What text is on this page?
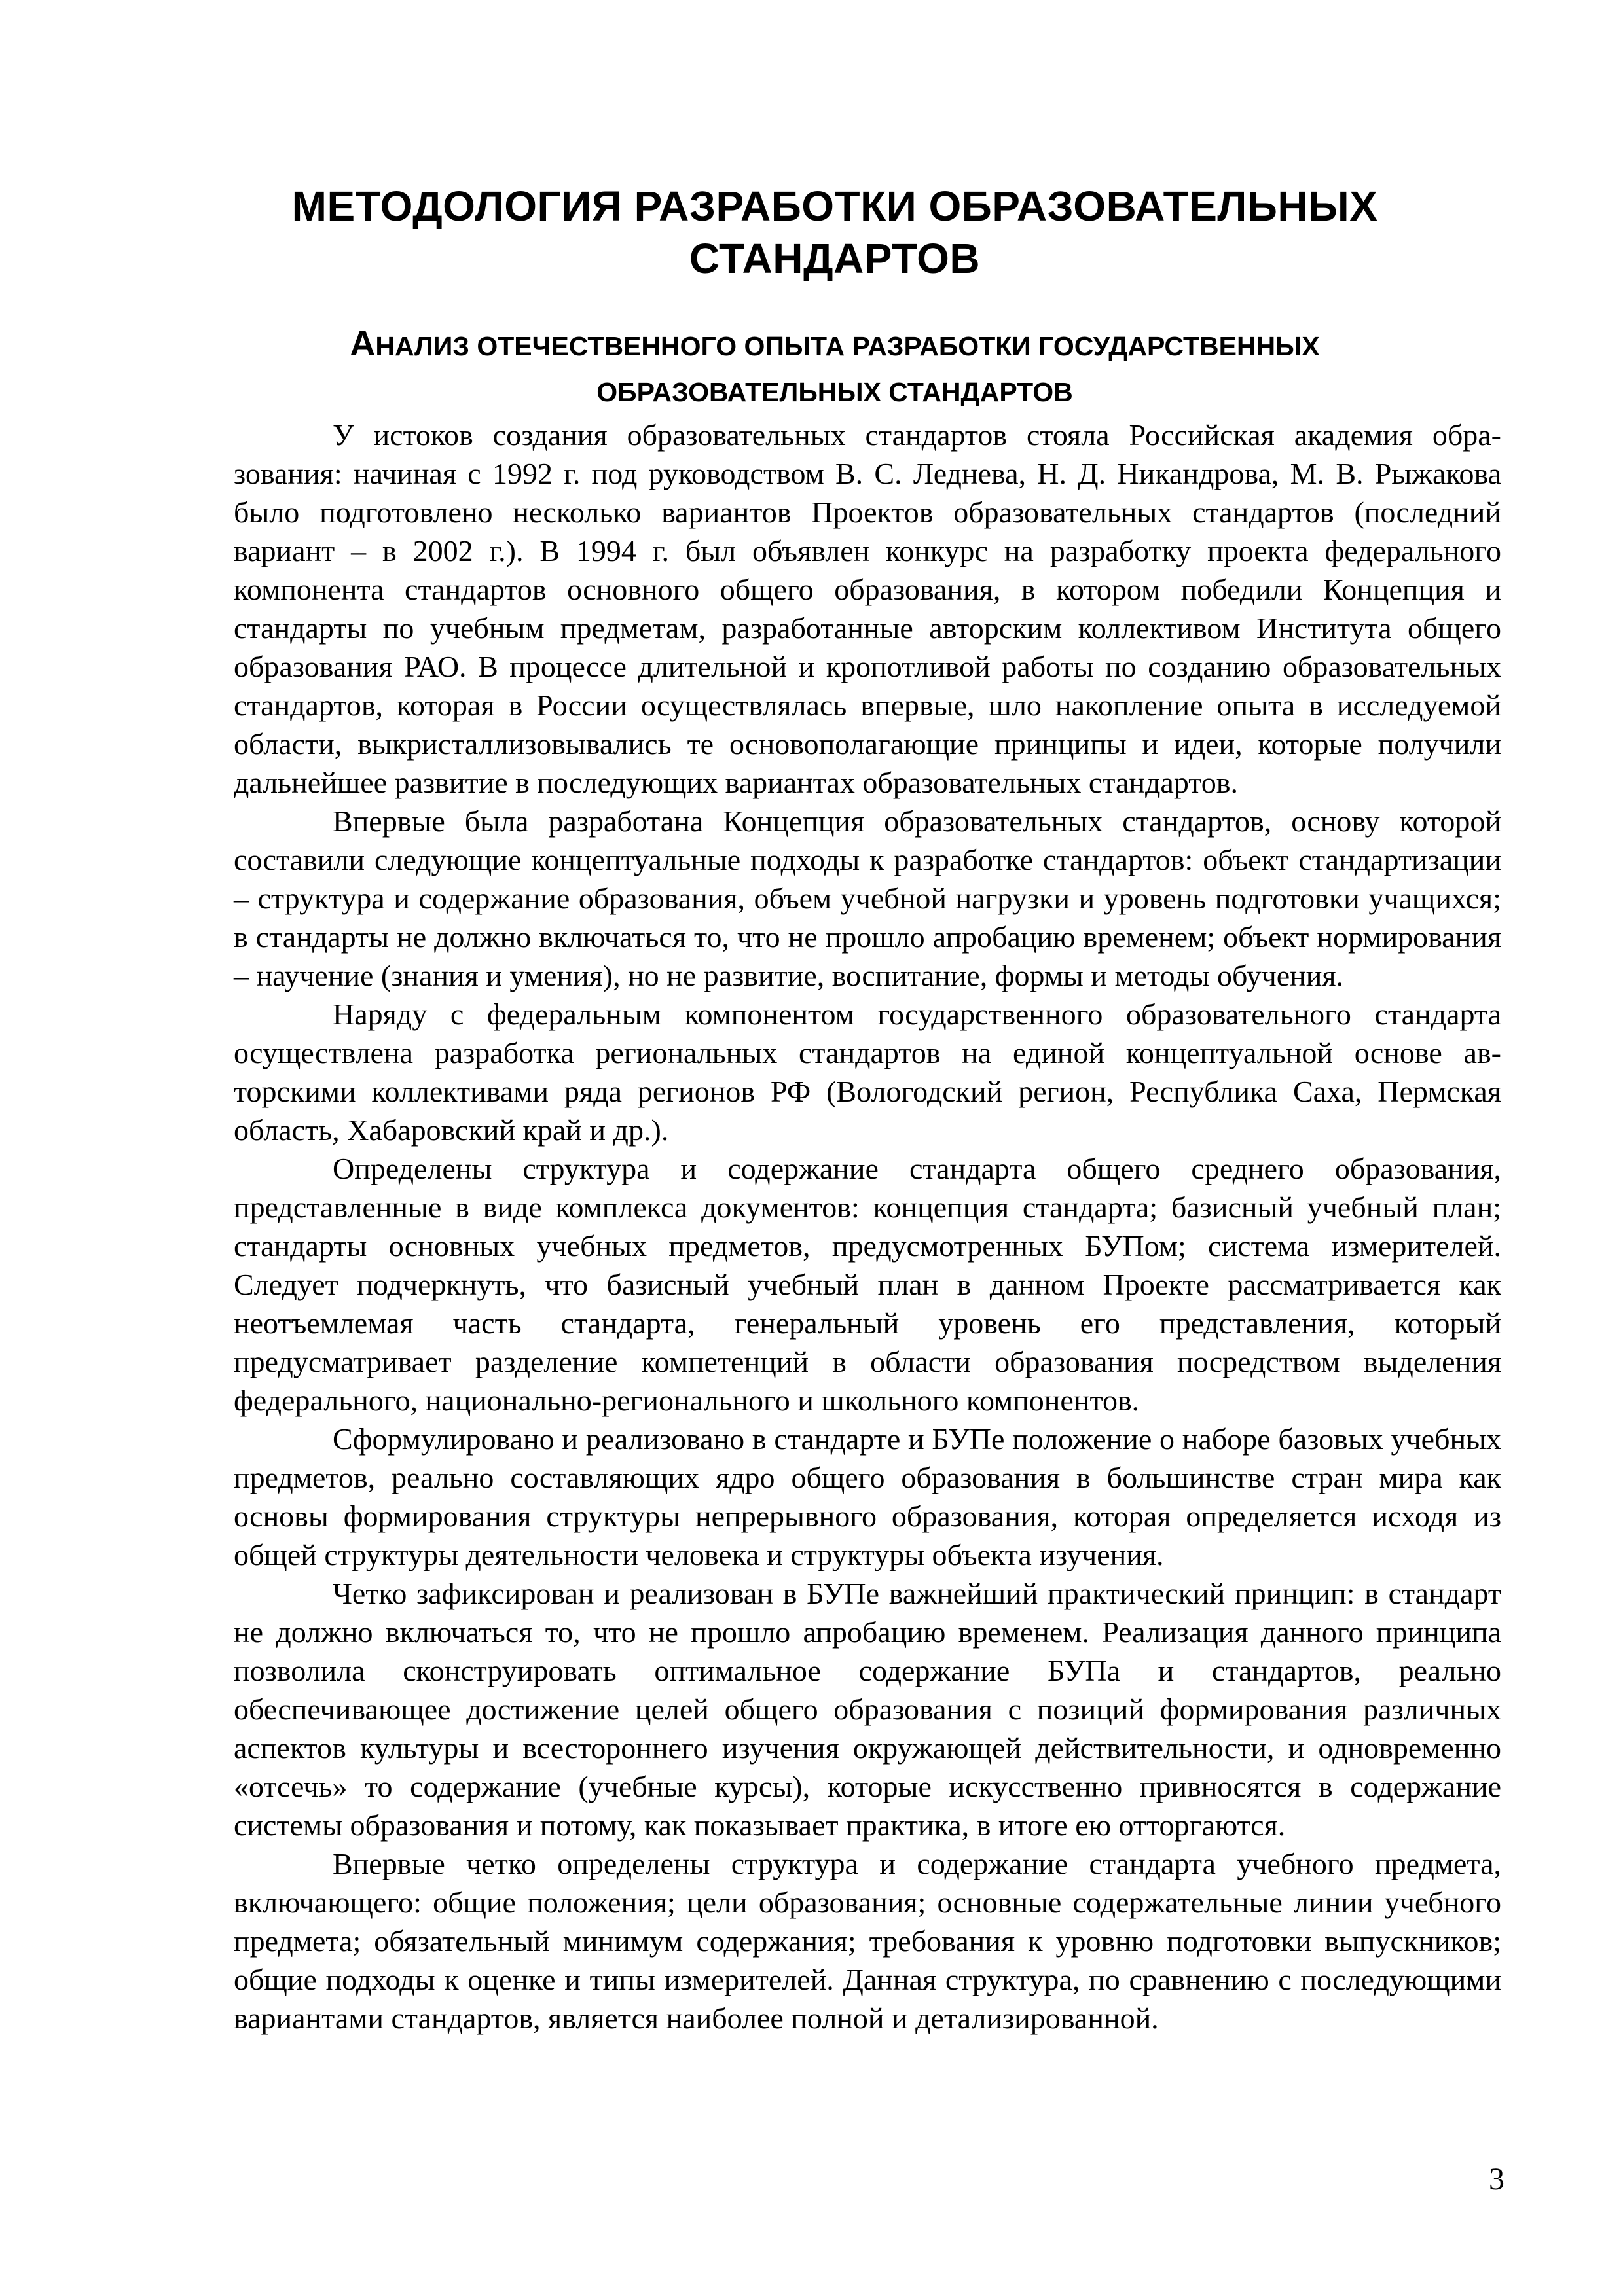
МЕТОДОЛОГИЯ РАЗРАБОТКИ ОБРАЗОВАТЕЛЬНЫХ
СТАНДАРТОВ
АНАЛИЗ ОТЕЧЕСТВЕННОГО ОПЫТА РАЗРАБОТКИ ГОСУДАРСТВЕННЫХ
ОБРАЗОВАТЕЛЬНЫХ СТАНДАРТОВ

У истоков создания образовательных стандартов стояла Российская академия образования: начиная с 1992 г. под руководством В. С. Леднева, Н. Д. Никандрова, М. В. Рыжакова было подготовлено несколько вариантов Проектов образовательных стандартов (последний вариант – в 2002 г.). В 1994 г. был объявлен конкурс на разработку проекта федерального компонента стандартов основного общего образования, в котором победили Концепция и стандарты по учебным предметам, разработанные авторским коллективом Института общего образования РАО. В процессе длительной и кропотливой работы по созданию образовательных стандартов, которая в России осуществлялась впервые, шло накопление опыта в исследуемой области, выкристаллизовывались те основополагающие принципы и идеи, которые получили дальнейшее развитие в последующих вариантах образовательных стандартов.

Впервые была разработана Концепция образовательных стандартов, основу которой составили следующие концептуальные подходы к разработке стандартов: объект стандартизации – структура и содержание образования, объем учебной нагрузки и уровень подготовки учащихся; в стандарты не должно включаться то, что не прошло апробацию временем; объект нормирования – научение (знания и умения), но не развитие, воспитание, формы и методы обучения.

Наряду с федеральным компонентом государственного образовательного стандарта осуществлена разработка региональных стандартов на единой концептуальной основе авторскими коллективами ряда регионов РФ (Вологодский регион, Республика Саха, Пермская область, Хабаровский край и др.).

Определены структура и содержание стандарта общего среднего образования, представленные в виде комплекса документов: концепция стандарта; базисный учебный план; стандарты основных учебных предметов, предусмотренных БУПом; система измерителей. Следует подчеркнуть, что базисный учебный план в данном Проекте рассматривается как неотъемлемая часть стандарта, генеральный уровень его представления, который предусматривает разделение компетенций в области образования посредством выделения федерального, национально-регионального и школьного компонентов.

Сформулировано и реализовано в стандарте и БУПе положение о наборе базовых учебных предметов, реально составляющих ядро общего образования в большинстве стран мира как основы формирования структуры непрерывного образования, которая определяется исходя из общей структуры деятельности человека и структуры объекта изучения.

Четко зафиксирован и реализован в БУПе важнейший практический принцип: в стандарт не должно включаться то, что не прошло апробацию временем. Реализация данного принципа позволила сконструировать оптимальное содержание БУПа и стандартов, реально обеспечивающее достижение целей общего образования с позиций формирования различных аспектов культуры и всестороннего изучения окружающей действительности, и одновременно «отсечь» то содержание (учебные курсы), которые искусственно привносятся в содержание системы образования и потому, как показывает практика, в итоге ею отторгаются.

Впервые четко определены структура и содержание стандарта учебного предмета, включающего: общие положения; цели образования; основные содержательные линии учебного предмета; обязательный минимум содержания; требования к уровню подготовки выпускников; общие подходы к оценке и типы измерителей. Данная структура, по сравнению с последующими вариантами стандартов, является наиболее полной и детализированной.

3
